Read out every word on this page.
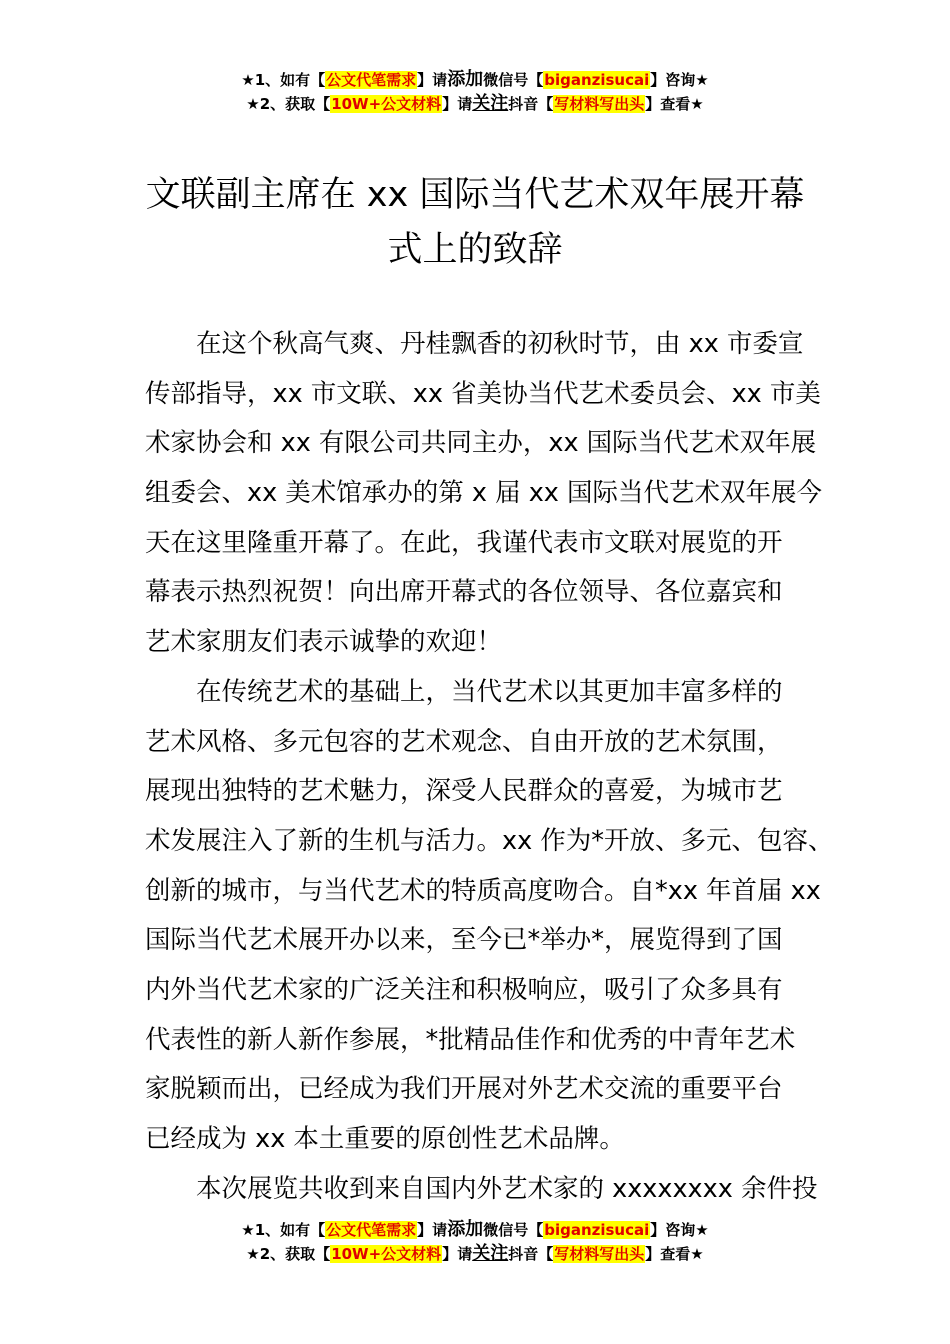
★1、如有【公文代笔需求】请添加微信号【biganzisucai】咨询★
★2、获取【10W+公文材料】请关注抖音【写材料写出头】查看★
文联副主席在 xx 国际当代艺术双年展开幕
式上的致辞
在这个秋高气爽、丹桂飘香的初秋时节，由 xx 市委宣
传部指导，xx 市文联、xx 省美协当代艺术委员会、xx 市美
术家协会和 xx 有限公司共同主办，xx 国际当代艺术双年展
组委会、xx 美术馆承办的第 x 届 xx 国际当代艺术双年展今
天在这里隆重开幕了。在此，我谨代表市文联对展览的开
幕表示热烈祝贺！向出席开幕式的各位领导、各位嘉宾和
艺术家朋友们表示诚挚的欢迎！
在传统艺术的基础上，当代艺术以其更加丰富多样的
艺术风格、多元包容的艺术观念、自由开放的艺术氛围，
展现出独特的艺术魅力，深受人民群众的喜爱，为城市艺
术发展注入了新的生机与活力。xx 作为*开放、多元、包容、
创新的城市，与当代艺术的特质高度吻合。自*xx 年首届 xx
国际当代艺术展开办以来，至今已*举办*，展览得到了国
内外当代艺术家的广泛关注和积极响应，吸引了众多具有
代表性的新人新作参展，*批精品佳作和优秀的中青年艺术
家脱颖而出，已经成为我们开展对外艺术交流的重要平台
已经成为 xx 本土重要的原创性艺术品牌。
本次展览共收到来自国内外艺术家的 xxxxxxxx 余件投
★1、如有【公文代笔需求】请添加微信号【biganzisucai】咨询★
★2、获取【10W+公文材料】请关注抖音【写材料写出头】查看★
